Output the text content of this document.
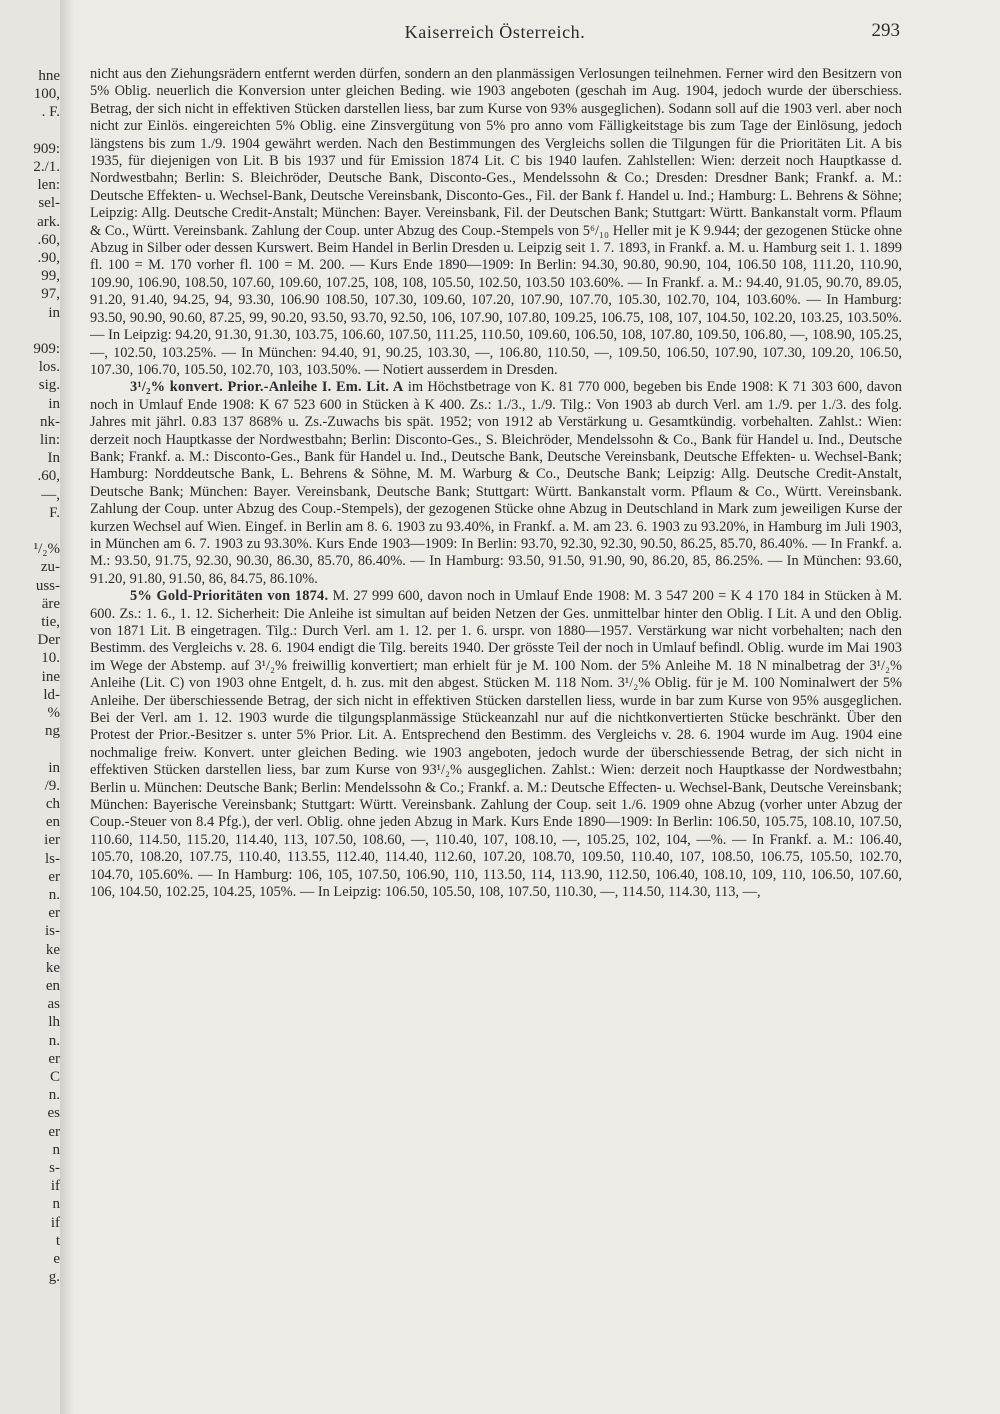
hne
100,
. F.
909:
2./1.
len:
sel-
ark.
.60,
.90,
99,
97,
in
909:
los.
sig.
in
nk-
lin:
In
.60,
—,
F.
¹/₂%
zu-
uss-
äre
tie,
Der
10.
ine
ld-
%
ng
in
/9.
ch
en
ier
ls-
er
n.
er
is-
ke
ke
en
as
lh
n.
er
C
n.
es
er
n
s-
if
n
if
t
e
g.
Kaiserreich Österreich.	293

nicht aus den Ziehungsrädern entfernt werden dürfen, sondern an den planmässigen Verlosungen teilnehmen. Ferner wird den Besitzern von 5% Oblig. neuerlich die Konversion unter gleichen Beding. wie 1903 angeboten (geschah im Aug. 1904, jedoch wurde der überschiess. Betrag, der sich nicht in effektiven Stücken darstellen liess, bar zum Kurse von 93% ausgeglichen). Sodann soll auf die 1903 verl. aber noch nicht zur Einlös. eingereichten 5% Oblig. eine Zinsvergütung von 5% pro anno vom Fälligkeitstage bis zum Tage der Einlösung, jedoch längstens bis zum 1./9. 1904 gewährt werden. Nach den Bestimmungen des Vergleichs sollen die Tilgungen für die Prioritäten Lit. A bis 1935, für diejenigen von Lit. B bis 1937 und für Emission 1874 Lit. C bis 1940 laufen. Zahlstellen: Wien: derzeit noch Hauptkasse d. Nordwestbahn; Berlin: S. Bleichröder, Deutsche Bank, Disconto-Ges., Mendelssohn & Co.; Dresden: Dresdner Bank; Frankf. a. M.: Deutsche Effekten- u. Wechsel-Bank, Deutsche Vereinsbank, Disconto-Ges., Fil. der Bank f. Handel u. Ind.; Hamburg: L. Behrens & Söhne; Leipzig: Allg. Deutsche Credit-Anstalt; München: Bayer. Vereinsbank, Fil. der Deutschen Bank; Stuttgart: Württ. Bankanstalt vorm. Pflaum & Co., Württ. Vereinsbank. Zahlung der Coup. unter Abzug des Coup.-Stempels von 5⁶/₁₀ Heller mit je K 9.944; der gezogenen Stücke ohne Abzug in Silber oder dessen Kurswert. Beim Handel in Berlin Dresden u. Leipzig seit 1. 7. 1893, in Frankf. a. M. u. Hamburg seit 1. 1. 1899 fl. 100 = M. 170 vorher fl. 100 = M. 200. — Kurs Ende 1890—1909: In Berlin: 94.30, 90.80, 90.90, 104, 106.50 108, 111.20, 110.90, 109.90, 106.90, 108.50, 107.60, 109.60, 107.25, 108, 108, 105.50, 102.50, 103.50 103.60%. — In Frankf. a. M.: 94.40, 91.05, 90.70, 89.05, 91.20, 91.40, 94.25, 94, 93.30, 106.90 108.50, 107.30, 109.60, 107.20, 107.90, 107.70, 105.30, 102.70, 104, 103.60%. — In Hamburg: 93.50, 90.90, 90.60, 87.25, 99, 90.20, 93.50, 93.70, 92.50, 106, 107.90, 107.80, 109.25, 106.75, 108, 107, 104.50, 102.20, 103.25, 103.50%. — In Leipzig: 94.20, 91.30, 91.30, 103.75, 106.60, 107.50, 111.25, 110.50, 109.60, 106.50, 108, 107.80, 109.50, 106.80, —, 108.90, 105.25, —, 102.50, 103.25%. — In München: 94.40, 91, 90.25, 103.30, —, 106.80, 110.50, —, 109.50, 106.50, 107.90, 107.30, 109.20, 106.50, 107.30, 106.70, 105.50, 102.70, 103, 103.50%. — Notiert ausserdem in Dresden.

3¹/₂% konvert. Prior.-Anleihe I. Em. Lit. A im Höchstbetrage von K. 81 770 000, begeben bis Ende 1908: K 71 303 600, davon noch in Umlauf Ende 1908: K 67 523 600 in Stücken à K 400. Zs.: 1./3., 1./9. Tilg.: Von 1903 ab durch Verl. am 1./9. per 1./3. des folg. Jahres mit jährl. 0.83 137 868% u. Zs.-Zuwachs bis spät. 1952; von 1912 ab Verstärkung u. Gesamtkündig. vorbehalten. Zahlst.: Wien: derzeit noch Hauptkasse der Nordwestbahn; Berlin: Disconto-Ges., S. Bleichröder, Mendelssohn & Co., Bank für Handel u. Ind., Deutsche Bank; Frankf. a. M.: Disconto-Ges., Bank für Handel u. Ind., Deutsche Bank, Deutsche Vereinsbank, Deutsche Effekten- u. Wechsel-Bank; Hamburg: Norddeutsche Bank, L. Behrens & Söhne, M. M. Warburg & Co., Deutsche Bank; Leipzig: Allg. Deutsche Credit-Anstalt, Deutsche Bank; München: Bayer. Vereinsbank, Deutsche Bank; Stuttgart: Württ. Bankanstalt vorm. Pflaum & Co., Württ. Vereinsbank. Zahlung der Coup. unter Abzug des Coup.-Stempels), der gezogenen Stücke ohne Abzug in Deutschland in Mark zum jeweiligen Kurse der kurzen Wechsel auf Wien. Eingef. in Berlin am 8. 6. 1903 zu 93.40%, in Frankf. a. M. am 23. 6. 1903 zu 93.20%, in Hamburg im Juli 1903, in München am 6. 7. 1903 zu 93.30%. Kurs Ende 1903—1909: In Berlin: 93.70, 92.30, 92.30, 90.50, 86.25, 85.70, 86.40%. — In Frankf. a. M.: 93.50, 91.75, 92.30, 90.30, 86.30, 85.70, 86.40%. — In Hamburg: 93.50, 91.50, 91.90, 90, 86.20, 85, 86.25%. — In München: 93.60, 91.20, 91.80, 91.50, 86, 84.75, 86.10%.

5% Gold-Prioritäten von 1874. M. 27 999 600, davon noch in Umlauf Ende 1908: M. 3 547 200 = K 4 170 184 in Stücken à M. 600. Zs.: 1. 6., 1. 12. Sicherheit: Die Anleihe ist simultan auf beiden Netzen der Ges. unmittelbar hinter den Oblig. I Lit. A und den Oblig. von 1871 Lit. B eingetragen. Tilg.: Durch Verl. am 1. 12. per 1. 6. urspr. von 1880—1957. Verstärkung war nicht vorbehalten; nach den Bestimm. des Vergleichs v. 28. 6. 1904 endigt die Tilg. bereits 1940. Der grösste Teil der noch in Umlauf befindl. Oblig. wurde im Mai 1903 im Wege der Abstemp. auf 3¹/₂% freiwillig konvertiert; man erhielt für je M. 100 Nom. der 5% Anleihe M. 18 N minalbetrag der 3¹/₂% Anleihe (Lit. C) von 1903 ohne Entgelt, d. h. zus. mit den abgest. Stücken M. 118 Nom. 3¹/₂% Oblig. für je M. 100 Nominalwert der 5% Anleihe. Der überschiessende Betrag, der sich nicht in effektiven Stücken darstellen liess, wurde in bar zum Kurse von 95% ausgeglichen. Bei der Verl. am 1. 12. 1903 wurde die tilgungsplanmässige Stückeanzahl nur auf die nichtkonvertierten Stücke beschränkt. Über den Protest der Prior.-Besitzer s. unter 5% Prior. Lit. A. Entsprechend den Bestimm. des Vergleichs v. 28. 6. 1904 wurde im Aug. 1904 eine nochmalige freiw. Konvert. unter gleichen Beding. wie 1903 angeboten, jedoch wurde der überschiessende Betrag, der sich nicht in effektiven Stücken darstellen liess, bar zum Kurse von 93¹/₂% ausgeglichen. Zahlst.: Wien: derzeit noch Hauptkasse der Nordwestbahn; Berlin u. München: Deutsche Bank; Berlin: Mendelssohn & Co.; Frankf. a. M.: Deutsche Effecten- u. Wechsel-Bank, Deutsche Vereinsbank; München: Bayerische Vereinsbank; Stuttgart: Württ. Vereinsbank. Zahlung der Coup. seit 1./6. 1909 ohne Abzug (vorher unter Abzug der Coup.-Steuer von 8.4 Pfg.), der verl. Oblig. ohne jeden Abzug in Mark. Kurs Ende 1890—1909: In Berlin: 106.50, 105.75, 108.10, 107.50, 110.60, 114.50, 115.20, 114.40, 113, 107.50, 108.60, —, 110.40, 107, 108.10, —, 105.25, 102, 104, —%. — In Frankf. a. M.: 106.40, 105.70, 108.20, 107.75, 110.40, 113.55, 112.40, 114.40, 112.60, 107.20, 108.70, 109.50, 110.40, 107, 108.50, 106.75, 105.50, 102.70, 104.70, 105.60%. — In Hamburg: 106, 105, 107.50, 106.90, 110, 113.50, 114, 113.90, 112.50, 106.40, 108.10, 109, 110, 106.50, 107.60, 106, 104.50, 102.25, 104.25, 105%. — In Leipzig: 106.50, 105.50, 108, 107.50, 110.30, —, 114.50, 114.30, 113, —,
